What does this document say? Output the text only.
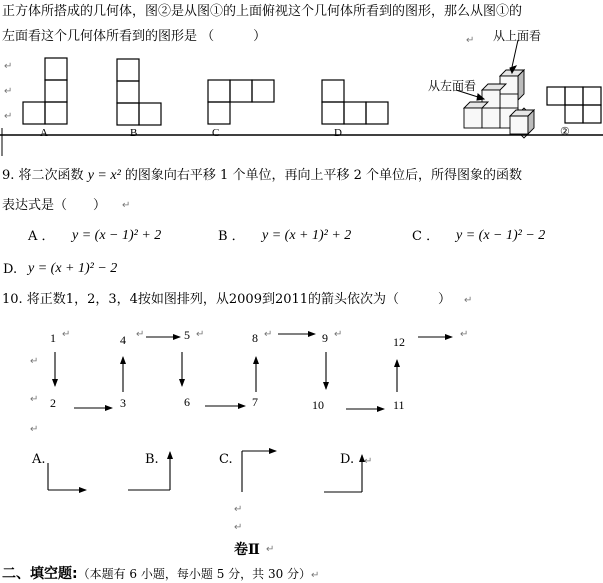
正方体所搭成的几何体，图②是从图①的上面俯视这个几何体所看到的图形，那么从图①的
左面看这个几何体所看到的图形是 （　　　）	↵
↵
↵
↵
A	B	C	D
从上面看
从左面看
②
9. 将二次函数 y = x² 的图象向右平移 1 个单位，再向上平移 2 个单位后，所得图象的函数
表达式是（　　） ↵
A ． y = (x − 1)² + 2	B ． y = (x + 1)² + 2	C ． y = (x − 1)² − 2
D. y = (x + 1)² − 2
10. 将正数1，2，3，4按如图排列，从2009到2011的箭头依次为（　　　） ↵
1
2	3
4	5
6	7
8	9
10	11
12
↵	↵	↵	↵	↵	↵
↵
↵
↵
A.	B.	C.	D. ↵
↵
↵
卷Ⅱ ↵
二、填空题:（本题有 6 小题，每小题 5 分，共 30 分）↵
